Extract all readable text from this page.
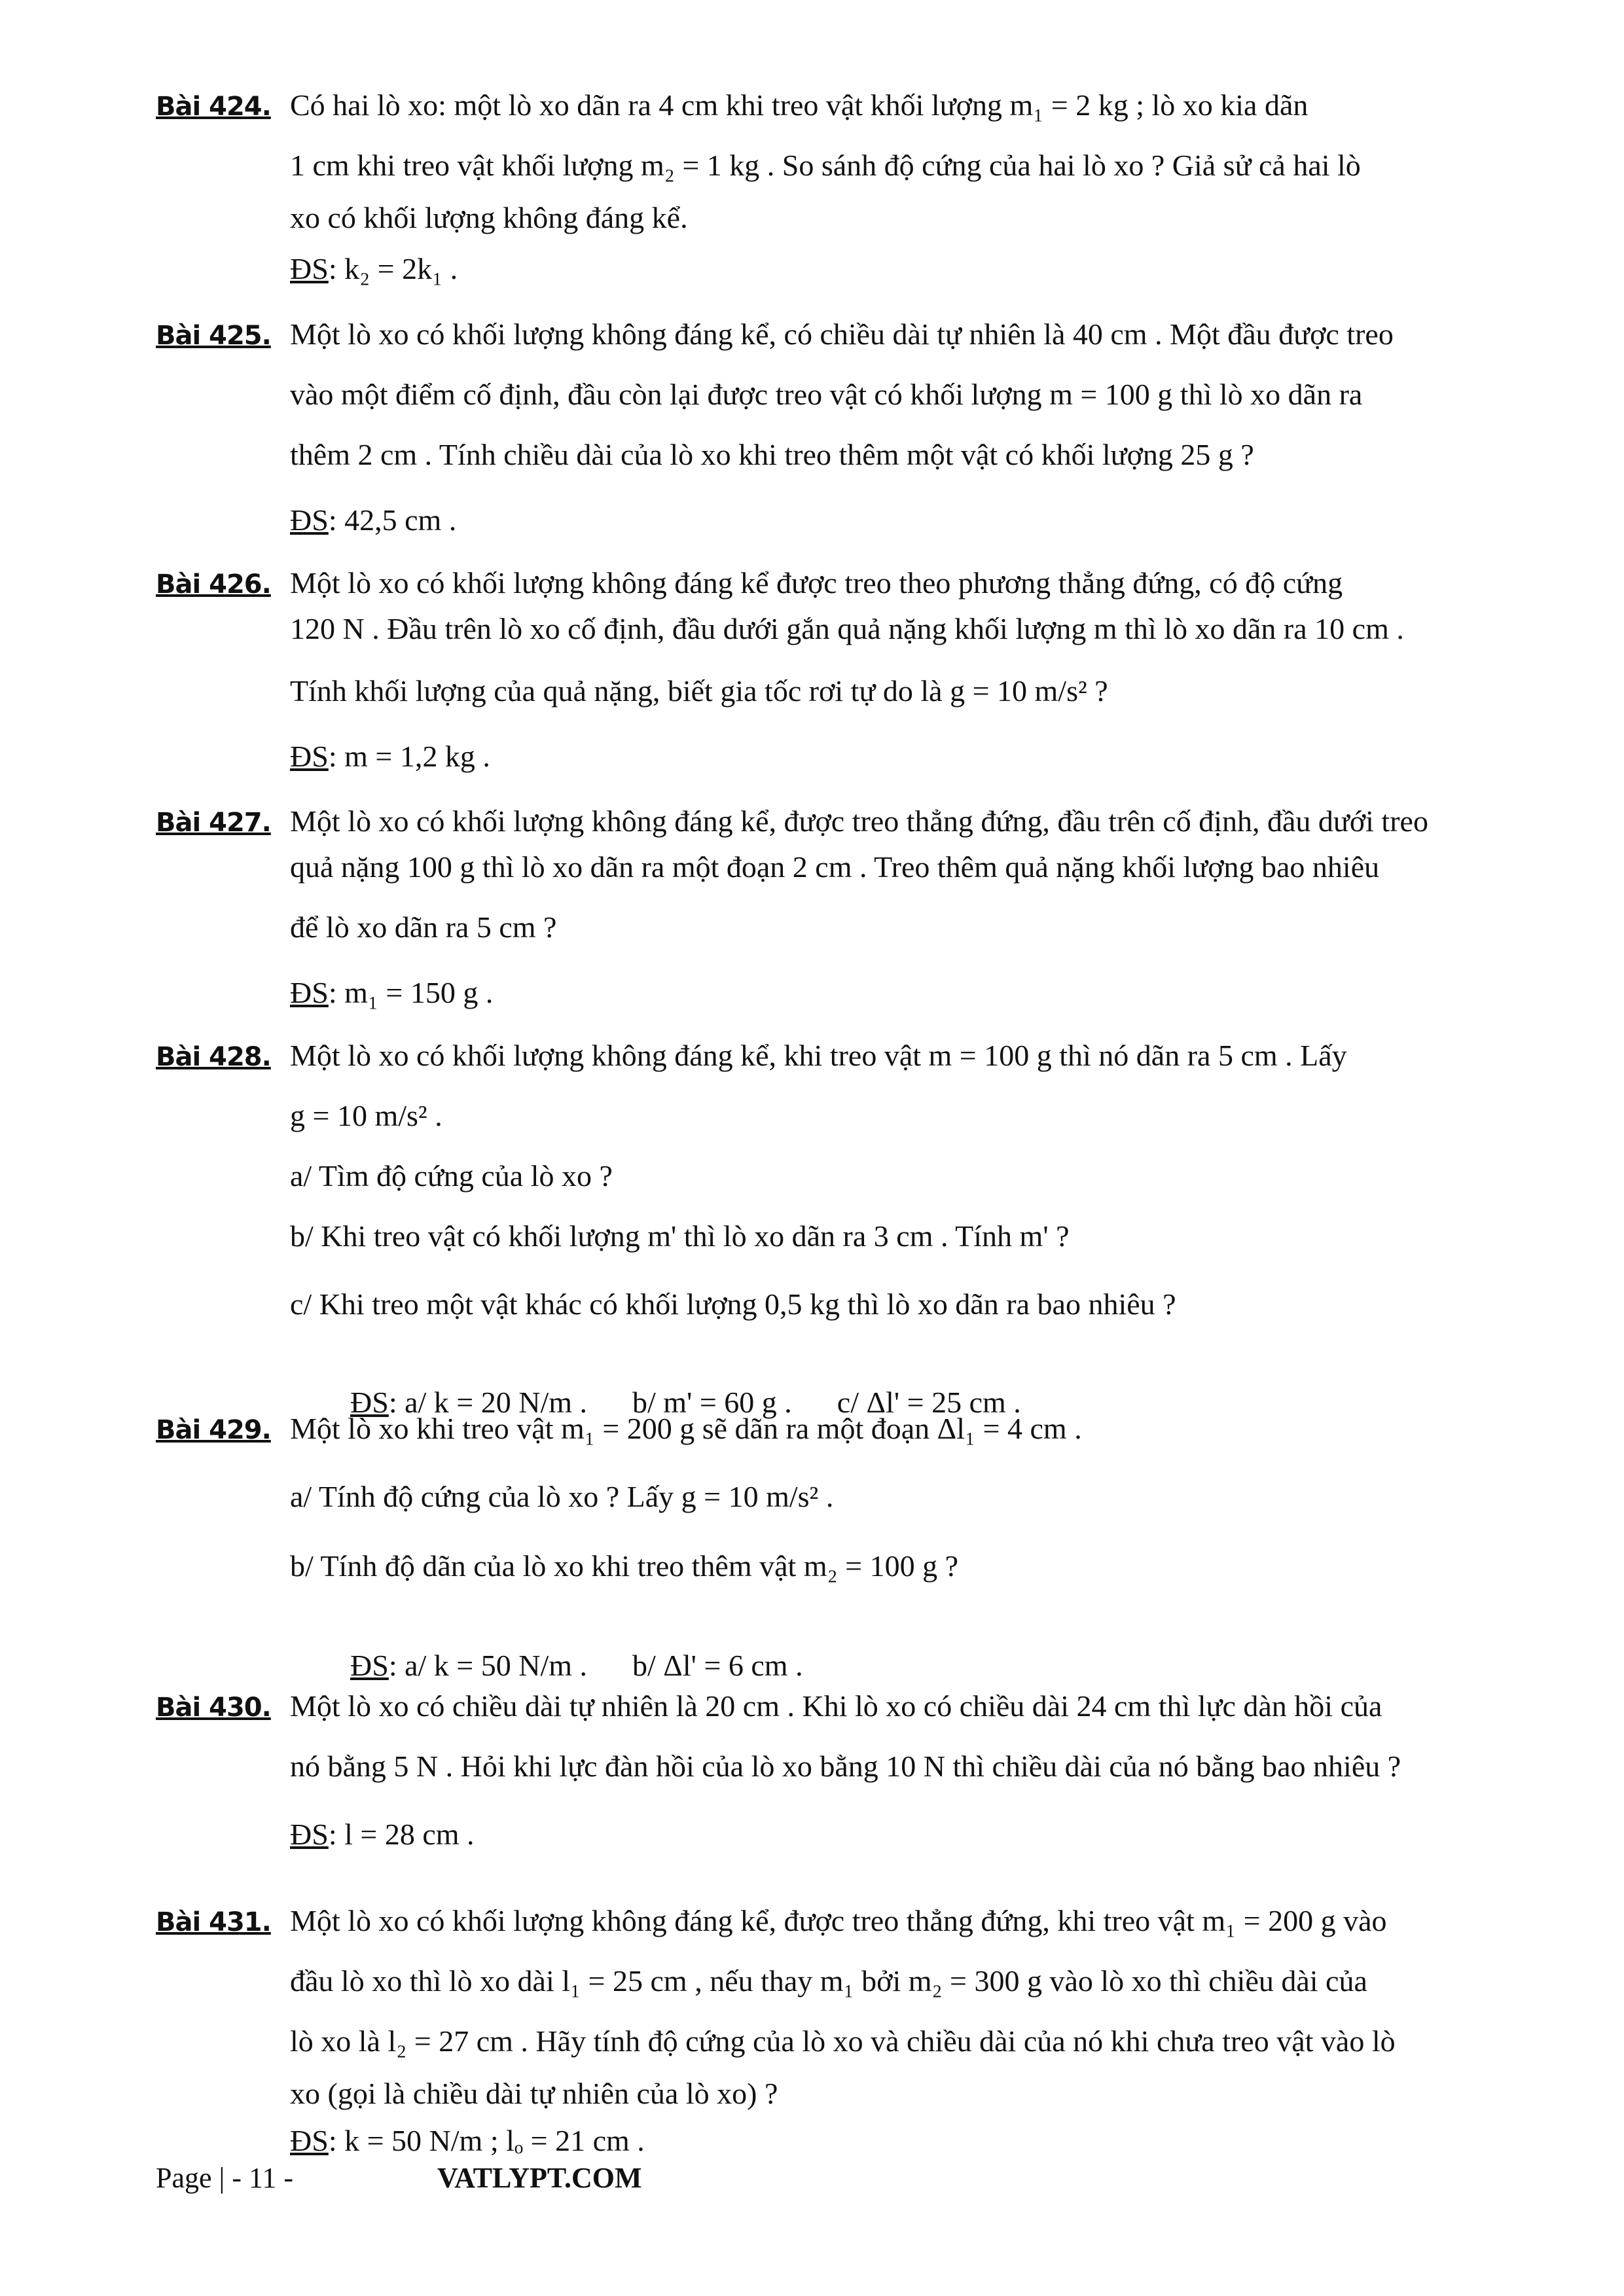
Bài 424. Có hai lò xo: một lò xo dãn ra 4 cm khi treo vật khối lượng m₁ = 2 kg ; lò xo kia dãn
1 cm khi treo vật khối lượng m₂ = 1 kg . So sánh độ cứng của hai lò xo ? Giả sử cả hai lò
xo có khối lượng không đáng kể.
ĐS: k₂ = 2k₁ .
Bài 425. Một lò xo có khối lượng không đáng kể, có chiều dài tự nhiên là 40 cm . Một đầu được treo
vào một điểm cố định, đầu còn lại được treo vật có khối lượng m = 100 g thì lò xo dãn ra
thêm 2 cm . Tính chiều dài của lò xo khi treo thêm một vật có khối lượng 25 g ?
ĐS: 42,5 cm .
Bài 426. Một lò xo có khối lượng không đáng kể được treo theo phương thẳng đứng, có độ cứng
120 N . Đầu trên lò xo cố định, đầu dưới gắn quả nặng khối lượng m thì lò xo dãn ra 10 cm .
Tính khối lượng của quả nặng, biết gia tốc rơi tự do là g = 10 m/s² ?
ĐS: m = 1,2 kg .
Bài 427. Một lò xo có khối lượng không đáng kể, được treo thẳng đứng, đầu trên cố định, đầu dưới treo
quả nặng 100 g thì lò xo dãn ra một đoạn 2 cm . Treo thêm quả nặng khối lượng bao nhiêu
để lò xo dãn ra 5 cm ?
ĐS: m₁ = 150 g .
Bài 428. Một lò xo có khối lượng không đáng kể, khi treo vật m = 100 g thì nó dãn ra 5 cm . Lấy
g = 10 m/s² .
a/ Tìm độ cứng của lò xo ?
b/ Khi treo vật có khối lượng m' thì lò xo dãn ra 3 cm . Tính m' ?
c/ Khi treo một vật khác có khối lượng 0,5 kg thì lò xo dãn ra bao nhiêu ?

ĐS: a/ k = 20 N/m .      b/ m' = 60 g .      c/ Δl' = 25 cm .

Bài 429. Một lò xo khi treo vật m₁ = 200 g sẽ dãn ra một đoạn Δl₁ = 4 cm .
a/ Tính độ cứng của lò xo ? Lấy g = 10 m/s² .
b/ Tính độ dãn của lò xo khi treo thêm vật m₂ = 100 g ?

ĐS: a/ k = 50 N/m .      b/ Δl' = 6 cm .

Bài 430. Một lò xo có chiều dài tự nhiên là 20 cm . Khi lò xo có chiều dài 24 cm thì lực dàn hồi của
nó bằng 5 N . Hỏi khi lực đàn hồi của lò xo bằng 10 N thì chiều dài của nó bằng bao nhiêu ?
ĐS: l = 28 cm .
Bài 431. Một lò xo có khối lượng không đáng kể, được treo thẳng đứng, khi treo vật m₁ = 200 g vào
đầu lò xo thì lò xo dài l₁ = 25 cm , nếu thay m₁ bởi m₂ = 300 g vào lò xo thì chiều dài của
lò xo là l₂ = 27 cm . Hãy tính độ cứng của lò xo và chiều dài của nó khi chưa treo vật vào lò
xo (gọi là chiều dài tự nhiên của lò xo) ?
ĐS: k = 50 N/m ; lₒ = 21 cm .
Page | - 11 -	VATLYPT.COM
